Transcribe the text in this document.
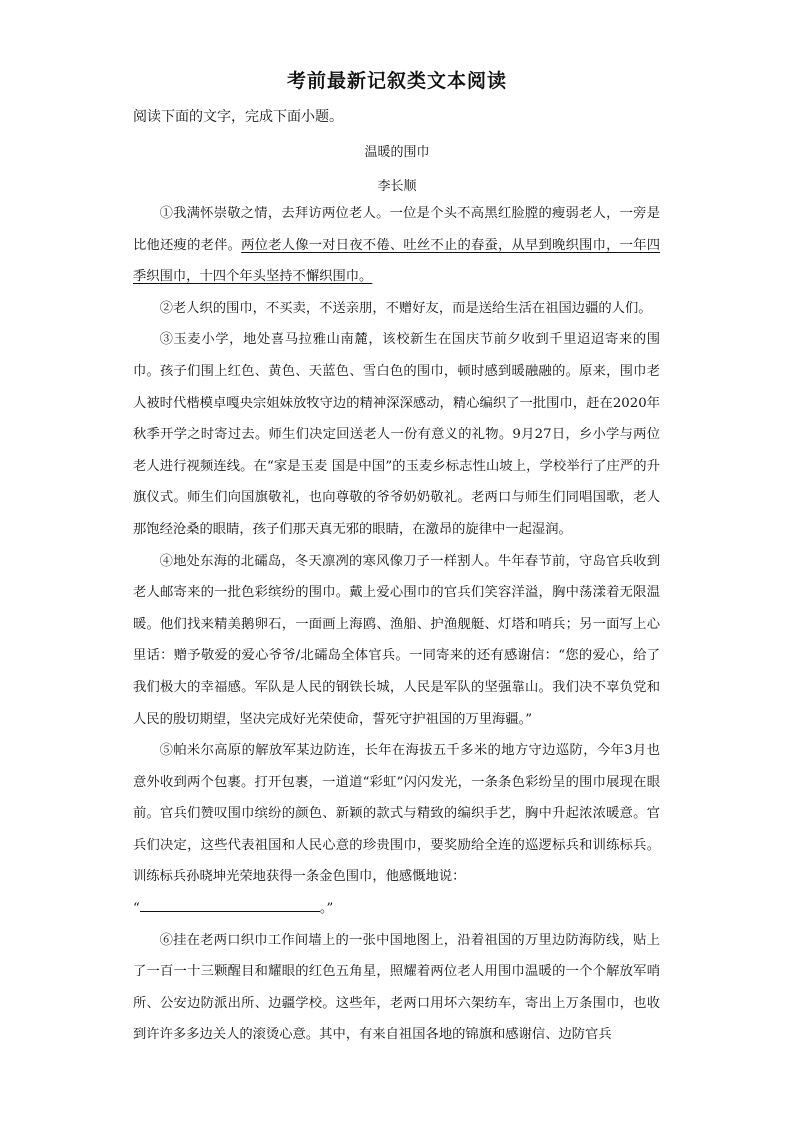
考前最新记叙类文本阅读
阅读下面的文字，完成下面小题。
温暖的围巾
李长顺

①我满怀崇敬之情，去拜访两位老人。一位是个头不高黑红脸膛的瘦弱老人，一旁是比他还瘦的老伴。两位老人像一对日夜不倦、吐丝不止的春蚕，从早到晚织围巾，一年四季织围巾，十四个年头坚持不懈织围巾。

②老人织的围巾，不买卖，不送亲朋，不赠好友，而是送给生活在祖国边疆的人们。

③玉麦小学，地处喜马拉雅山南麓，该校新生在国庆节前夕收到千里迢迢寄来的围巾。孩子们围上红色、黄色、天蓝色、雪白色的围巾，顿时感到暖融融的。原来，围巾老人被时代楷模卓嘎央宗姐妹放牧守边的精神深深感动，精心编织了一批围巾，赶在2020年秋季开学之时寄过去。师生们决定回送老人一份有意义的礼物。9月27日，乡小学与两位老人进行视频连线。在“家是玉麦 国是中国”的玉麦乡标志性山坡上，学校举行了庄严的升旗仪式。师生们向国旗敬礼，也向尊敬的爷爷奶奶敬礼。老两口与师生们同唱国歌，老人那饱经沧桑的眼睛，孩子们那天真无邪的眼睛，在激昂的旋律中一起湿润。

④地处东海的北礵岛，冬天凛冽的寒风像刀子一样割人。牛年春节前，守岛官兵收到老人邮寄来的一批色彩缤纷的围巾。戴上爱心围巾的官兵们笑容洋溢，胸中荡漾着无限温暖。他们找来精美鹅卵石，一面画上海鸥、渔船、护渔舰艇、灯塔和哨兵；另一面写上心里话：赠予敬爱的爱心爷爷/北礵岛全体官兵。一同寄来的还有感谢信：“您的爱心，给了我们极大的幸福感。军队是人民的钢铁长城，人民是军队的坚强靠山。我们决不辜负党和人民的殷切期望，坚决完成好光荣使命，誓死守护祖国的万里海疆。”

⑤帕米尔高原的解放军某边防连，长年在海拔五千多米的地方守边巡防，今年3月也意外收到两个包裹。打开包裹，一道道“彩虹”闪闪发光，一条条色彩纷呈的围巾展现在眼前。官兵们赞叹围巾缤纷的颜色、新颖的款式与精致的编织手艺，胸中升起浓浓暖意。官兵们决定，这些代表祖国和人民心意的珍贵围巾，要奖励给全连的巡逻标兵和训练标兵。训练标兵孙晓坤光荣地获得一条金色围巾，他感慨地说：

“	。”

⑥挂在老两口织巾工作间墙上的一张中国地图上，沿着祖国的万里边防海防线，贴上了一百一十三颗醒目和耀眼的红色五角星，照耀着两位老人用围巾温暖的一个个解放军哨所、公安边防派出所、边疆学校。这些年，老两口用坏六架纺车，寄出上万条围巾，也收到许许多多边关人的滚烫心意。其中，有来自祖国各地的锦旗和感谢信、边防官兵
